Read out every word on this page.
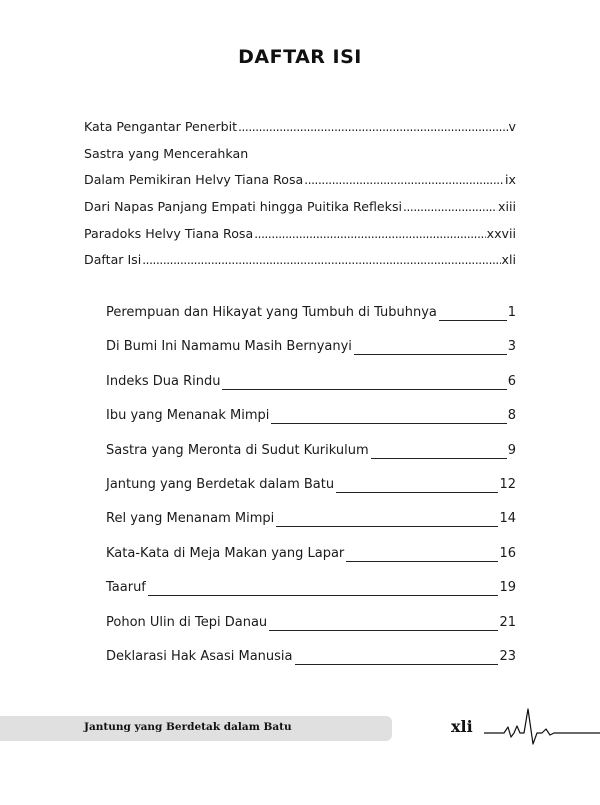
DAFTAR ISI
Kata Pengantar Penerbit . . .	v
Sastra yang Mencerahkan
Dalam Pemikiran Helvy Tiana Rosa . . .	ix
Dari Napas Panjang Empati hingga Puitika Refleksi . . .	xiii
Paradoks Helvy Tiana Rosa . . .	xxvii
Daftar Isi . . .	xli
Perempuan dan Hikayat yang Tumbuh di Tubuhnya	1
Di Bumi Ini Namamu Masih Bernyanyi	3
Indeks Dua Rindu	6
Ibu yang Menanak Mimpi	8
Sastra yang Meronta di Sudut Kurikulum	9
Jantung yang Berdetak dalam Batu	12
Rel yang Menanam Mimpi	14
Kata-Kata di Meja Makan yang Lapar	16
Taaruf	19
Pohon Ulin di Tepi Danau	21
Deklarasi Hak Asasi Manusia	23
Jantung yang Berdetak dalam Batu	xli
